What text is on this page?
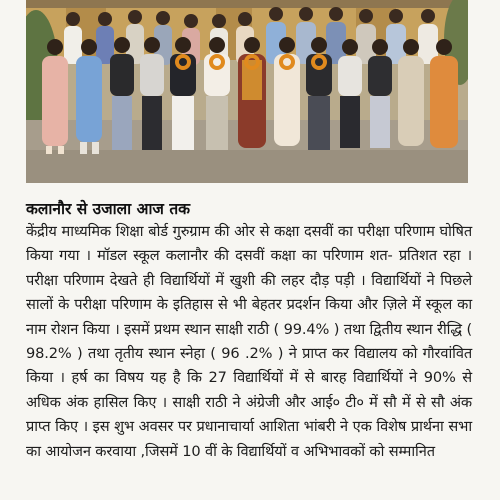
कलानौर से उजाला आज तक

केंद्रीय माध्यमिक शिक्षा बोर्ड गुरुग्राम की ओर से कक्षा दसवीं का परीक्षा परिणाम घोषित किया गया । मॉडल स्कूल कलानौर की दसवीं कक्षा का परिणाम शत- प्रतिशत रहा । परीक्षा परिणाम देखते ही विद्यार्थियों में खुशी की लहर दौड़ पड़ी । विद्यार्थियों ने पिछले सालों के परीक्षा परिणाम के इतिहास से भी बेहतर प्रदर्शन किया और ज़िले में स्कूल का नाम रोशन किया । इसमें प्रथम स्थान साक्षी राठी ( 99.4% ) तथा द्वितीय स्थान रीद्धि ( 98.2% ) तथा तृतीय स्थान स्नेहा ( 96 .2% ) ने प्राप्त कर विद्यालय को गौरवांवित किया । हर्ष का विषय यह है कि 27 विद्यार्थियों में से बारह विद्यार्थियों ने 90% से अधिक अंक हासिल किए । साक्षी राठी ने अंग्रेजी और आई० टी० में सौ में से सौ अंक प्राप्त किए । इस शुभ अवसर पर प्रधानाचार्या आशिता भांबरी ने एक विशेष प्रार्थना सभा का आयोजन करवाया ,जिसमें 10 वीं के विद्यार्थियों व अभिभावकों को सम्मानित
